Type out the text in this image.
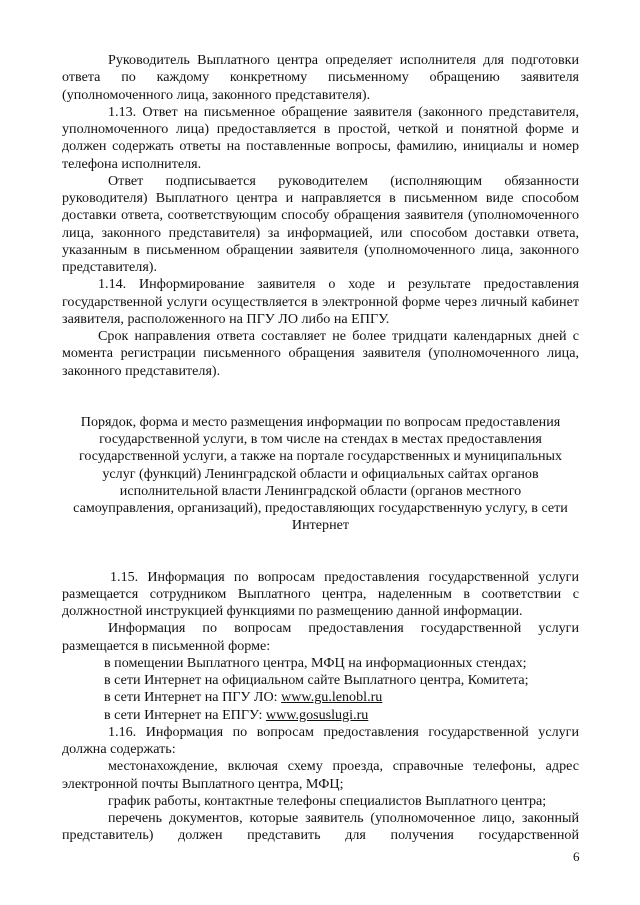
Руководитель Выплатного центра определяет исполнителя для подготовки ответа по каждому конкретному письменному обращению заявителя (уполномоченного лица, законного представителя).

1.13. Ответ на письменное обращение заявителя (законного представителя, уполномоченного лица) предоставляется в простой, четкой и понятной форме и должен содержать ответы на поставленные вопросы, фамилию, инициалы и номер телефона исполнителя.

Ответ подписывается руководителем (исполняющим обязанности руководителя) Выплатного центра и направляется в письменном виде способом доставки ответа, соответствующим способу обращения заявителя (уполномоченного лица, законного представителя) за информацией, или способом доставки ответа, указанным в письменном обращении заявителя (уполномоченного лица, законного представителя).

1.14. Информирование заявителя о ходе и результате предоставления государственной услуги осуществляется в электронной форме через личный кабинет заявителя, расположенного на ПГУ ЛО либо на ЕПГУ.

Срок направления ответа составляет не более тридцати календарных дней с момента регистрации письменного обращения заявителя (уполномоченного лица, законного представителя).

Порядок, форма и место размещения информации по вопросам предоставления государственной услуги, в том числе на стендах в местах предоставления государственной услуги, а также на портале государственных и муниципальных услуг (функций) Ленинградской области и официальных сайтах органов исполнительной власти Ленинградской области (органов местного самоуправления, организаций), предоставляющих государственную услугу, в сети Интернет

1.15. Информация по вопросам предоставления государственной услуги размещается сотрудником Выплатного центра, наделенным в соответствии с должностной инструкцией функциями по размещению данной информации.

Информация по вопросам предоставления государственной услуги размещается в письменной форме:

в помещении Выплатного центра, МФЦ на информационных стендах;

в сети Интернет на официальном сайте Выплатного центра, Комитета;

в сети Интернет на ПГУ ЛО: www.gu.lenobl.ru

в сети Интернет на ЕПГУ: www.gosuslugi.ru

1.16. Информация по вопросам предоставления государственной услуги должна содержать:

местонахождение, включая схему проезда, справочные телефоны, адрес электронной почты Выплатного центра, МФЦ;

график работы, контактные телефоны специалистов Выплатного центра;

перечень документов, которые заявитель (уполномоченное лицо, законный представитель) должен представить для получения государственной

6
